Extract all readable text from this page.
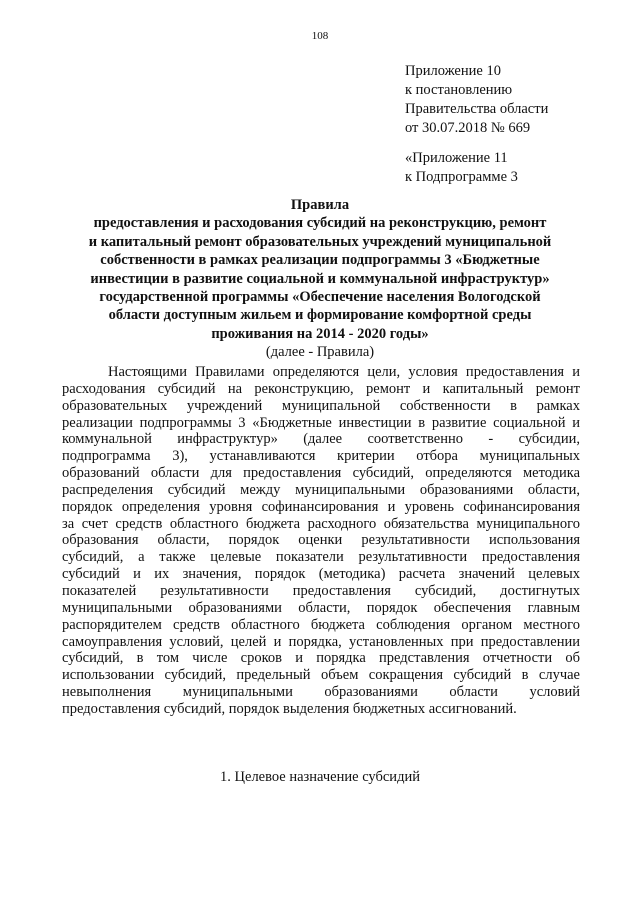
108
Приложение 10
к постановлению
Правительства области
от 30.07.2018 № 669
«Приложение 11
к Подпрограмме 3
Правила
предоставления и расходования субсидий на реконструкцию, ремонт
и капитальный ремонт образовательных учреждений муниципальной
собственности в рамках реализации подпрограммы 3 «Бюджетные
инвестиции в развитие социальной и коммунальной инфраструктур»
государственной программы «Обеспечение населения Вологодской
области доступным жильем и формирование комфортной среды
проживания на 2014 - 2020 годы»
(далее - Правила)
Настоящими Правилами определяются цели, условия предоставления и
расходования субсидий на реконструкцию, ремонт и капитальный ремонт
образовательных учреждений муниципальной собственности в рамках
реализации подпрограммы 3 «Бюджетные инвестиции в развитие социальной и
коммунальной инфраструктур» (далее соответственно - субсидии,
подпрограмма 3), устанавливаются критерии отбора муниципальных
образований области для предоставления субсидий, определяются методика
распределения субсидий между муниципальными образованиями области,
порядок определения уровня софинансирования и уровень софинансирования
за счет средств областного бюджета расходного обязательства муниципального
образования области, порядок оценки результативности использования
субсидий, а также целевые показатели результативности предоставления
субсидий и их значения, порядок (методика) расчета значений целевых
показателей результативности предоставления субсидий, достигнутых
муниципальными образованиями области, порядок обеспечения главным
распорядителем средств областного бюджета соблюдения органом местного
самоуправления условий, целей и порядка, установленных при предоставлении
субсидий, в том числе сроков и порядка представления отчетности об
использовании субсидий, предельный объем сокращения субсидий в случае
невыполнения муниципальными образованиями области условий
предоставления субсидий, порядок выделения бюджетных ассигнований.
1. Целевое назначение субсидий
